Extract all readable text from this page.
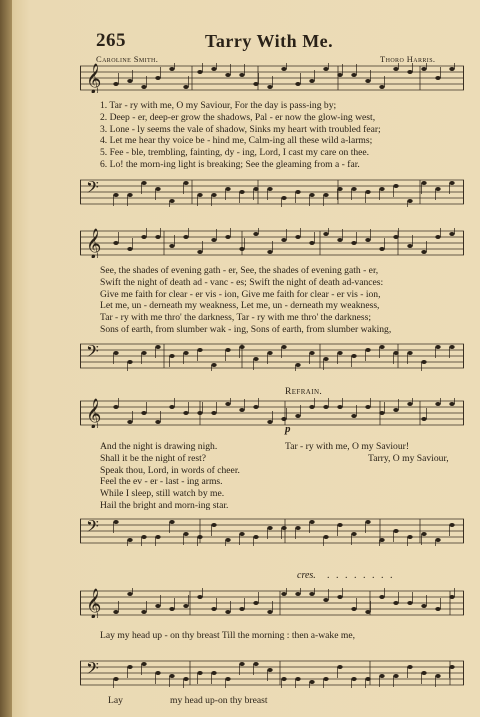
265	Tarry With Me.
Caroline Smith.	Thoro Harris.
𝄞
1. Tar - ry with me, O my Saviour, For the day is pass-ing by;
2. Deep - er, deep-er grow the shadows, Pal - er now the glow-ing west,
3. Lone - ly seems the vale of shadow, Sinks my heart with troubled fear;
4. Let me hear thy voice be - hind me, Calm-ing all these wild a-larms;
5. Fee - ble, trembling, fainting, dy - ing, Lord, I cast my care on thee.
6. Lo! the morn-ing light is breaking; See the gleaming from a - far.
𝄢
𝄞
See, the shades of evening gath - er, See, the shades of evening gath - er,
Swift the night of death ad - vanc - es; Swift the night of death ad-vances:
Give me faith for clear - er vis - ion, Give me faith for clear - er vis - ion,
Let me, un - derneath my weakness, Let me, un - derneath my weakness,
Tar - ry with me thro' the darkness, Tar - ry with me thro' the darkness;
Sons of earth, from slumber wak - ing, Sons of earth, from slumber waking,
𝄢
Refrain.
𝄞	p
And the night is drawing nigh.
Shall it be the night of rest?
Speak thou, Lord, in words of cheer.
Feel the ev - er - last - ing arms.
While I sleep, still watch by me.
Hail the bright and morn-ing star.
Tar - ry with me, O my Saviour!
Tarry, O my Saviour,
𝄢
cres. . . . . . . . .
𝄞
Lay my head up - on thy breast Till the morning : then a-wake me,
𝄢
Lay	my head up-on thy breast
